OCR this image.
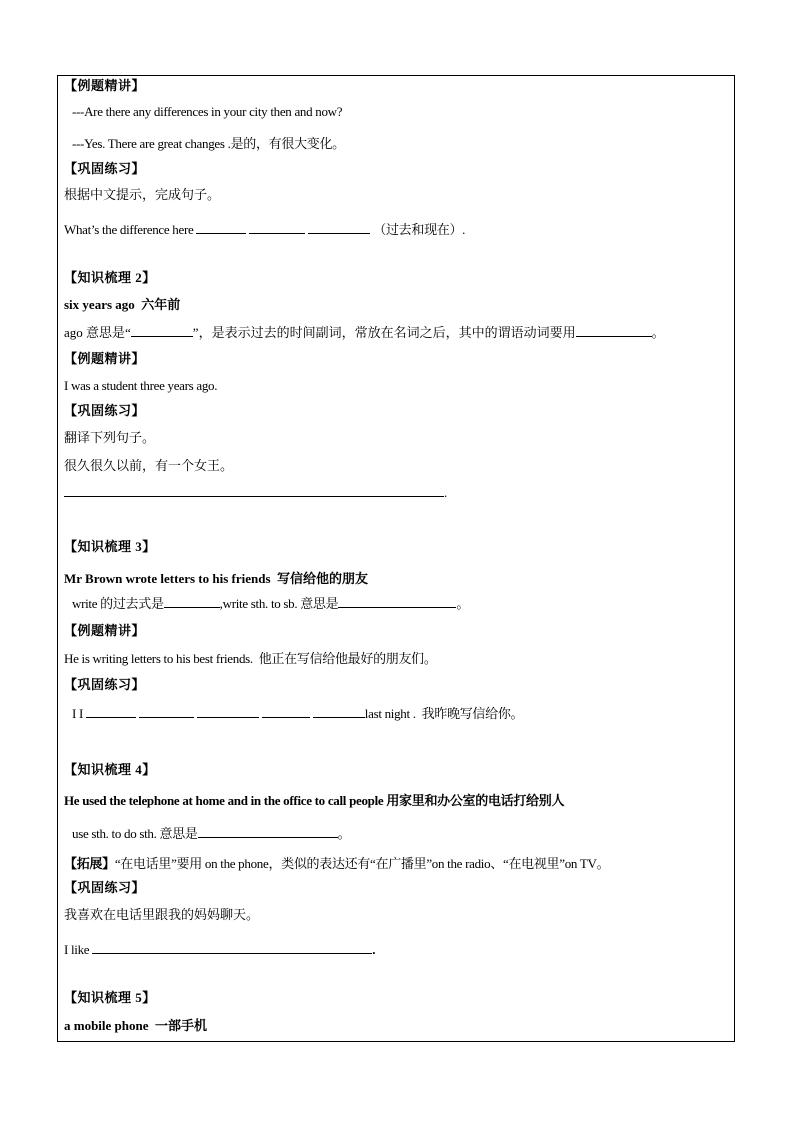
【例题精讲】
---Are there any differences in your city then and now?
---Yes. There are great changes .是的，有很大变化。
【巩固练习】
根据中文提示，完成句子。
What’s the difference here	（过去和现在）.
【知识梳理 2】
six years ago 六年前
ago 意思是“	”，是表示过去的时间副词，常放在名词之后，其中的谓语动词要用	。
【例题精讲】
I was a student three years ago.
【巩固练习】
翻译下列句子。
很久很久以前，有一个女王。
.
【知识梳理 3】
Mr Brown wrote letters to his friends 写信给他的朋友
write 的过去式是	,write sth. to sb. 意思是	。
【例题精讲】
He is writing letters to his best friends. 他正在写信给他最好的朋友们。
【巩固练习】
I I	last night . 我昨晚写信给你。
【知识梳理 4】
He used the telephone at home and in the office to call people 用家里和办公室的电话打给别人
use sth. to do sth. 意思是	。
【拓展】“在电话里”要用 on the phone，类似的表达还有“在广播里”on the radio、“在电视里”on TV。
【巩固练习】
我喜欢在电话里跟我的妈妈聊天。
I like	.
【知识梳理 5】
a mobile phone 一部手机
